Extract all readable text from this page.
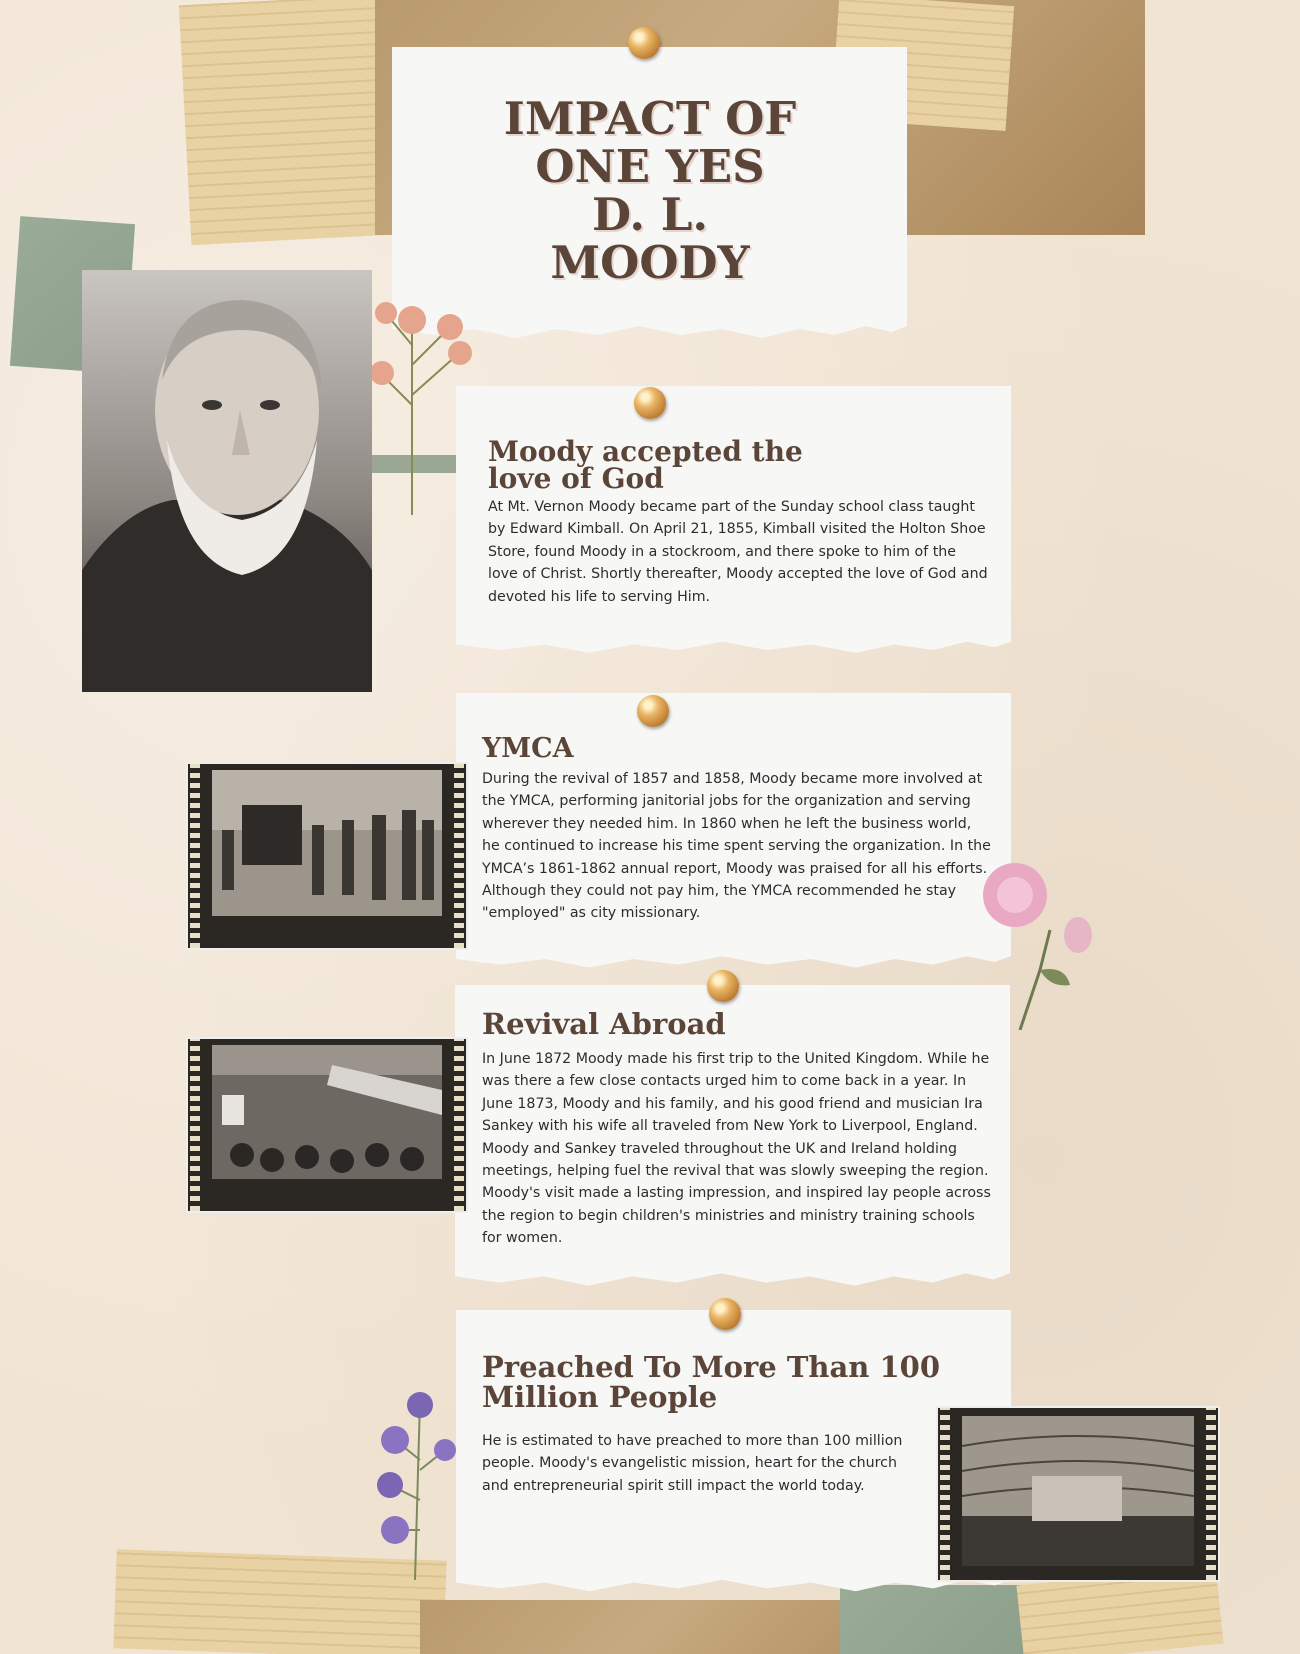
IMPACT OF
ONE YES
D. L. MOODY
Moody accepted the
love of God

At Mt. Vernon Moody became part of the Sunday school class taught by Edward Kimball. On April 21, 1855, Kimball visited the Holton Shoe Store, found Moody in a stockroom, and there spoke to him of the love of Christ. Shortly thereafter, Moody accepted the love of God and devoted his life to serving Him.

YMCA

During the revival of 1857 and 1858, Moody became more involved at the YMCA, performing janitorial jobs for the organization and serving wherever they needed him. In 1860 when he left the business world, he continued to increase his time spent serving the organization. In the YMCA’s 1861-1862 annual report, Moody was praised for all his efforts. Although they could not pay him, the YMCA recommended he stay "employed" as city missionary.

Revival Abroad

In June 1872 Moody made his first trip to the United Kingdom. While he was there a few close contacts urged him to come back in a year. In June 1873, Moody and his family, and his good friend and musician Ira Sankey with his wife all traveled from New York to Liverpool, England. Moody and Sankey traveled throughout the UK and Ireland holding meetings, helping fuel the revival that was slowly sweeping the region. Moody's visit made a lasting impression, and inspired lay people across the region to begin children's ministries and ministry training schools for women.

Preached To More Than 100
Million People

He is estimated to have preached to more than 100 million people. Moody's evangelistic mission, heart for the church and entrepreneurial spirit still impact the world today.
